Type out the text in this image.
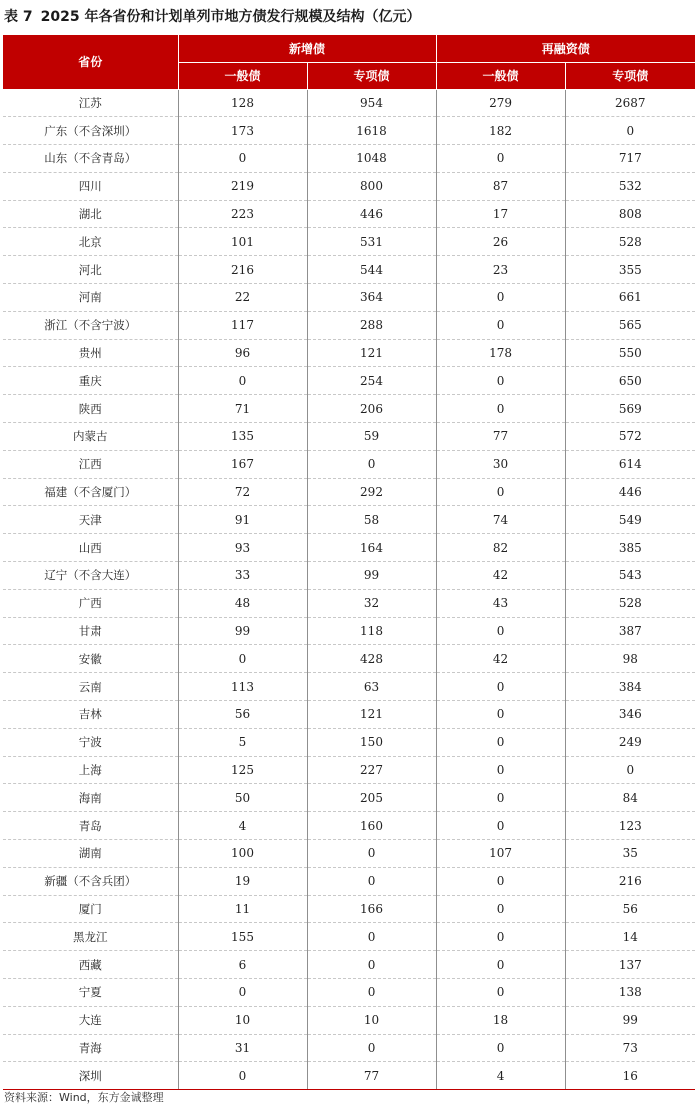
表 7 2025 年各省份和计划单列市地方债发行规模及结构（亿元）
省份	新增债		再融资债	
	一般债	专项债	一般债	专项债
江苏	128	954	279	2687
广东（不含深圳）	173	1618	182	0
山东（不含青岛）	0	1048	0	717
四川	219	800	87	532
湖北	223	446	17	808
北京	101	531	26	528
河北	216	544	23	355
河南	22	364	0	661
浙江（不含宁波）	117	288	0	565
贵州	96	121	178	550
重庆	0	254	0	650
陕西	71	206	0	569
内蒙古	135	59	77	572
江西	167	0	30	614
福建（不含厦门）	72	292	0	446
天津	91	58	74	549
山西	93	164	82	385
辽宁（不含大连）	33	99	42	543
广西	48	32	43	528
甘肃	99	118	0	387
安徽	0	428	42	98
云南	113	63	0	384
吉林	56	121	0	346
宁波	5	150	0	249
上海	125	227	0	0
海南	50	205	0	84
青岛	4	160	0	123
湖南	100	0	107	35
新疆（不含兵团）	19	0	0	216
厦门	11	166	0	56
黑龙江	155	0	0	14
西藏	6	0	0	137
宁夏	0	0	0	138
大连	10	10	18	99
青海	31	0	0	73
深圳	0	77	4	16
资料来源：Wind，东方金诚整理
